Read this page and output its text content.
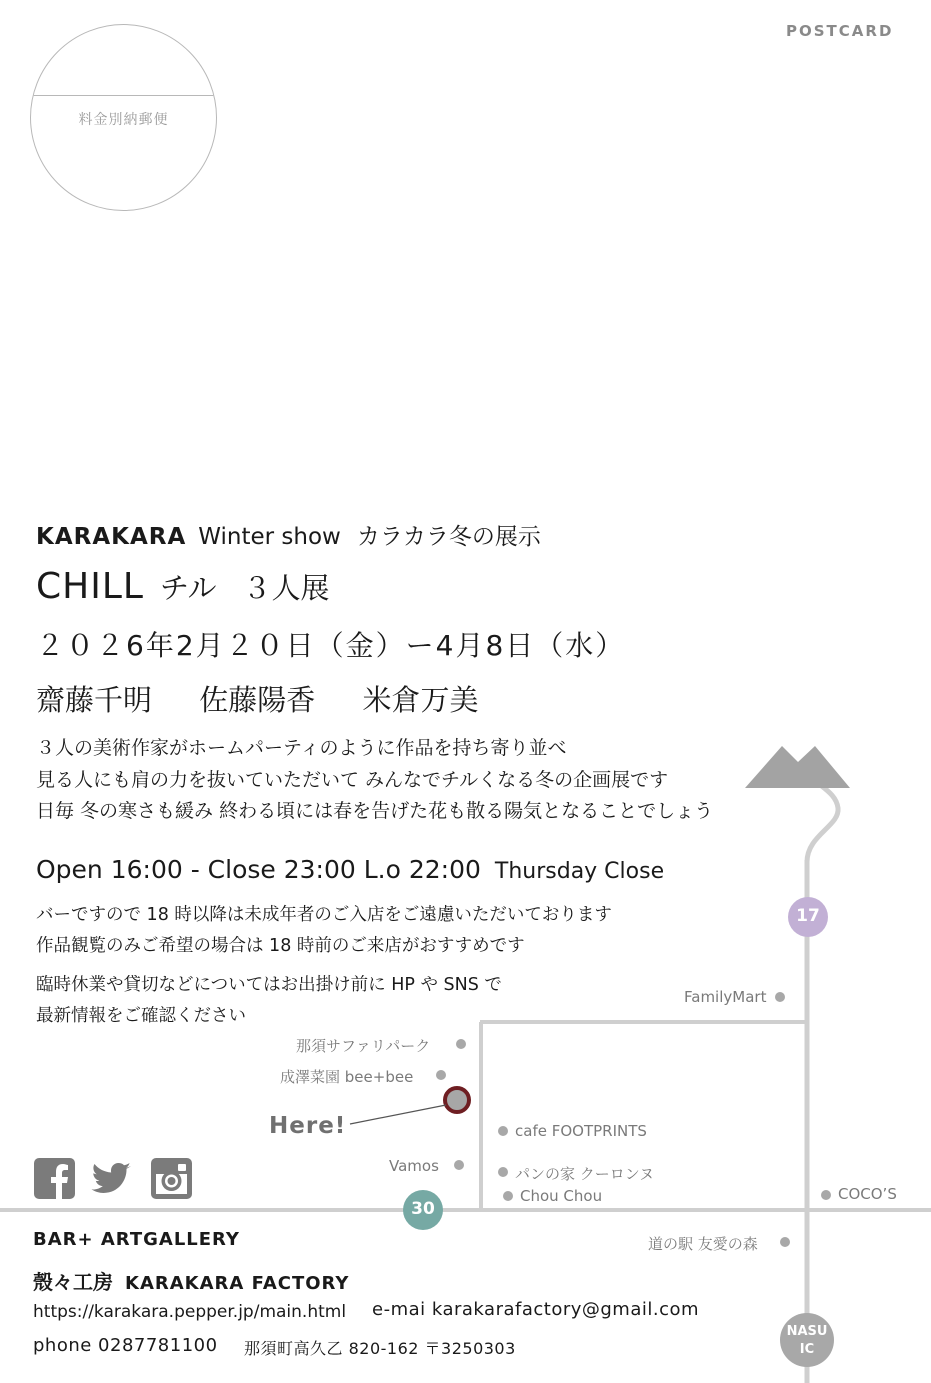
POSTCARD
料金別納郵便
17
30
NASU
IC
KARAKARA Winter show カラカラ冬の展示
CHILL チル ３人展
２０２6年2月２０日（金）ー4月8日（水）
齋藤千明 佐藤陽香 米倉万美
３人の美術作家がホームパーティのように作品を持ち寄り並べ
見る人にも肩の力を抜いていただいて みんなでチルくなる冬の企画展です
日毎 冬の寒さも緩み 終わる頃には春を告げた花も散る陽気となることでしょう
Open 16:00 - Close 23:00 L.o 22:00 Thursday Close
バーですので 18 時以降は未成年者のご入店をご遠慮いただいております
作品観覧のみご希望の場合は 18 時前のご来店がおすすめです
臨時休業や貸切などについてはお出掛け前に HP や SNS で
最新情報をご確認ください
FamilyMart
那須サファリパーク
成澤菜園 bee+bee
Vamos
cafe FOOTPRINTS
パンの家 クーロンヌ
Chou Chou	COCO’S
道の駅 友愛の森
Here!
BAR+ ARTGALLERY
殼々工房 KARAKARA FACTORY
https://karakara.pepper.jp/main.html e-mai karakarafactory@gmail.com
phone 0287781100 那須町高久乙 820-162 〒3250303
